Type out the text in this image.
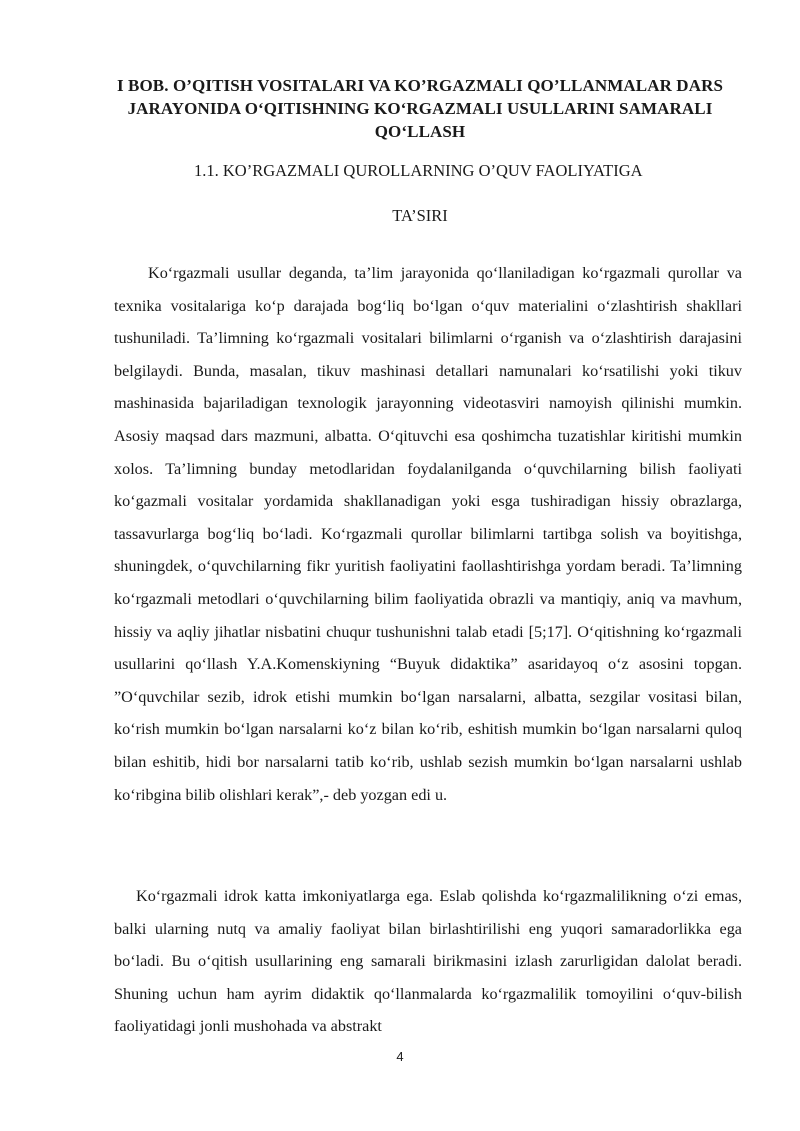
I BOB. O’QITISH VOSITALARI VA KO’RGAZMALI QO’LLANMALAR DARS JARAYONIDA O‘QITISHNING KO‘RGAZMALI USULLARINI SAMARALI QO‘LLASH

1.1. KO’RGAZMALI QUROLLARNING O’QUV FAOLIYATIGA

TA’SIRI

Ko‘rgazmali usullar deganda, ta’lim jarayonida qo‘llaniladigan ko‘rgazmali qurollar va texnika vositalariga ko‘p darajada bog‘liq bo‘lgan o‘quv materialini o‘zlashtirish shakllari tushuniladi. Ta’limning ko‘rgazmali vositalari bilimlarni o‘rganish va o‘zlashtirish darajasini belgilaydi. Bunda, masalan, tikuv mashinasi detallari namunalari ko‘rsatilishi yoki tikuv mashinasida bajariladigan texnologik jarayonning videotasviri namoyish qilinishi mumkin. Asosiy maqsad dars mazmuni, albatta. O‘qituvchi esa qoshimcha tuzatishlar kiritishi mumkin xolos. Ta’limning bunday metodlaridan foydalanilganda o‘quvchilarning bilish faoliyati ko‘gazmali vositalar yordamida shakllanadigan yoki esga tushiradigan hissiy obrazlarga, tassavurlarga bog‘liq bo‘ladi. Ko‘rgazmali qurollar bilimlarni tartibga solish va boyitishga, shuningdek, o‘quvchilarning fikr yuritish faoliyatini faollashtirishga yordam beradi. Ta’limning ko‘rgazmali metodlari o‘quvchilarning bilim faoliyatida obrazli va mantiqiy, aniq va mavhum, hissiy va aqliy jihatlar nisbatini chuqur tushunishni talab etadi [5;17]. O‘qitishning ko‘rgazmali usullarini qo‘llash Y.A.Komenskiyning “Buyuk didaktika” asaridayoq o‘z asosini topgan. ”O‘quvchilar sezib, idrok etishi mumkin bo‘lgan narsalarni, albatta, sezgilar vositasi bilan, ko‘rish mumkin bo‘lgan narsalarni ko‘z bilan ko‘rib, eshitish mumkin bo‘lgan narsalarni quloq bilan eshitib, hidi bor narsalarni tatib ko‘rib, ushlab sezish mumkin bo‘lgan narsalarni ushlab ko‘ribgina bilib olishlari kerak”,- deb yozgan edi u.

Ko‘rgazmali idrok katta imkoniyatlarga ega. Eslab qolishda ko‘rgazmalilikning o‘zi emas, balki ularning nutq va amaliy faoliyat bilan birlashtirilishi eng yuqori samaradorlikka ega bo‘ladi. Bu o‘qitish usullarining eng samarali birikmasini izlash zarurligidan dalolat beradi. Shuning uchun ham ayrim didaktik qo‘llanmalarda ko‘rgazmalilik tomoyilini o‘quv-bilish faoliyatidagi jonli mushohada va abstrakt

4
